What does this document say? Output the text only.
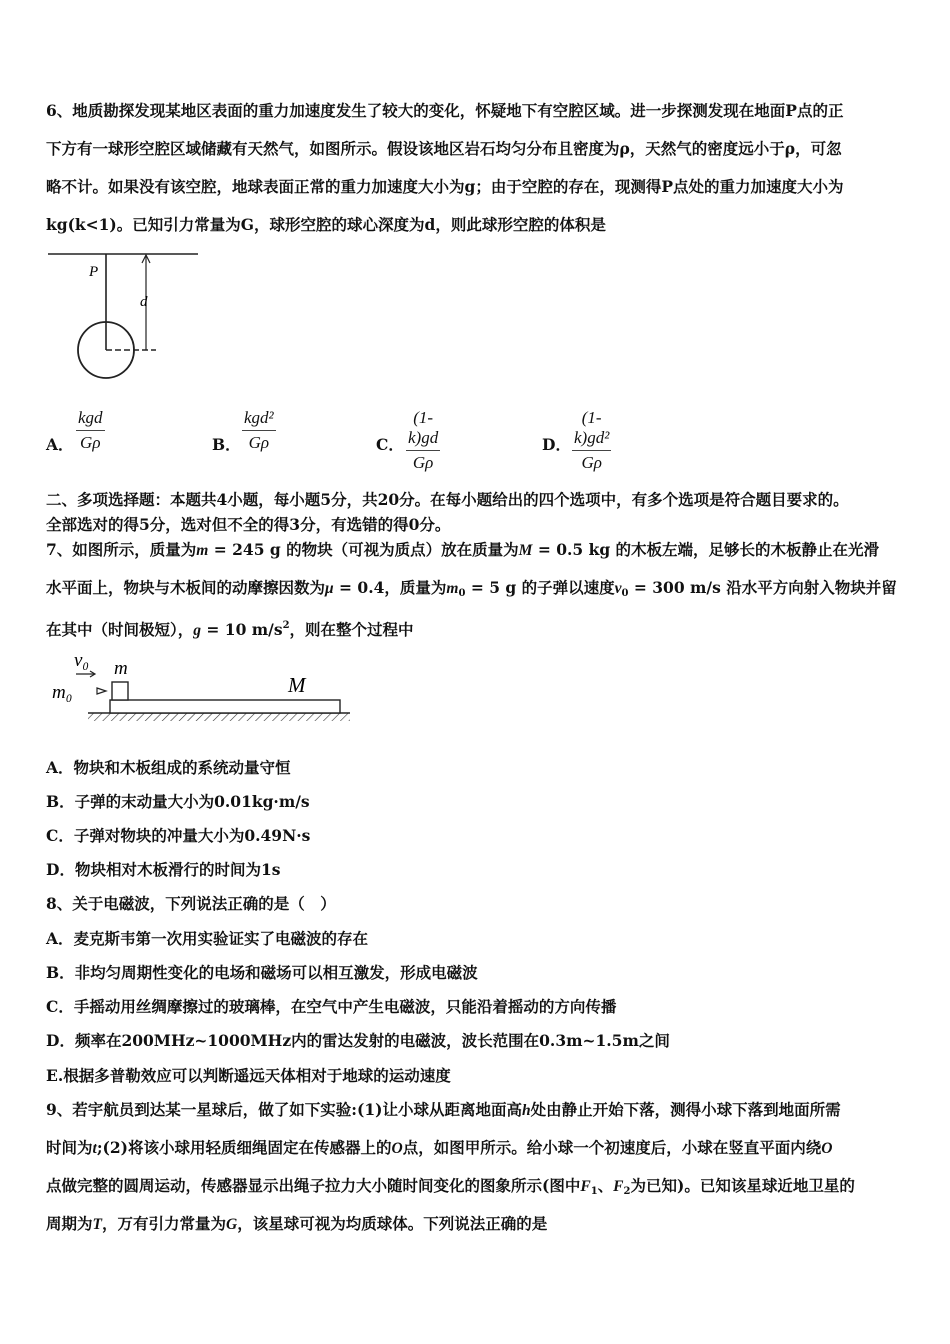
6、地质勘探发现某地区表面的重力加速度发生了较大的变化，怀疑地下有空腔区域。进一步探测发现在地面P点的正
下方有一球形空腔区域储藏有天然气，如图所示。假设该地区岩石均匀分布且密度为ρ，天然气的密度远小于ρ，可忽
略不计。如果没有该空腔，地球表面正常的重力加速度大小为g；由于空腔的存在，现测得P点处的重力加速度大小为
kg(k<1)。已知引力常量为G，球形空腔的球心深度为d，则此球形空腔的体积是
P
d
A．
kgd
Gρ	B．
kgd²
Gρ	C． $\frac{(1- k)gd}{G\rho}$	D． $\frac{\text{(1- k)gd²}}{G\rho}$
二、多项选择题：本题共4小题，每小题5分，共20分。在每小题给出的四个选项中，有多个选项是符合题目要求的。
全部选对的得5分，选对但不全的得3分，有选错的得0分。
7、如图所示，质量为m = 245 g 的物块（可视为质点）放在质量为M = 0.5 kg 的木板左端，足够长的木板静止在光滑
水平面上，物块与木板间的动摩擦因数为μ = 0.4，质量为$m_0 = 5$ g 的子弹以速度$v_0 = 300$ m/s 沿水平方向射入物块并留
在其中（时间极短），g = 10 $m/s^2$，则在整个过程中
v₀ m
m₀	M
A．物块和木板组成的系统动量守恒
B．子弹的末动量大小为0.01kg·m/s
C．子弹对物块的冲量大小为0.49N·s
D．物块相对木板滑行的时间为1s
8、关于电磁波，下列说法正确的是（　）
A．麦克斯韦第一次用实验证实了电磁波的存在
B．非均匀周期性变化的电场和磁场可以相互激发，形成电磁波
C．手摇动用丝绸摩擦过的玻璃棒，在空气中产生电磁波，只能沿着摇动的方向传播
D．频率在200MHz~1000MHz内的雷达发射的电磁波，波长范围在0.3m~1.5m之间
E.根据多普勒效应可以判断遥远天体相对于地球的运动速度
9、若宇航员到达某一星球后，做了如下实验:(1)让小球从距离地面高h处由静止开始下落，测得小球下落到地面所需
时间为t;(2)将该小球用轻质细绳固定在传感器上的O点，如图甲所示。给小球一个初速度后，小球在竖直平面内绕O
点做完整的圆周运动，传感器显示出绳子拉力大小随时间变化的图象所示(图中$F_1$、$F_2$为已知)。已知该星球近地卫星的
周期为T，万有引力常量为G，该星球可视为均质球体。下列说法正确的是
